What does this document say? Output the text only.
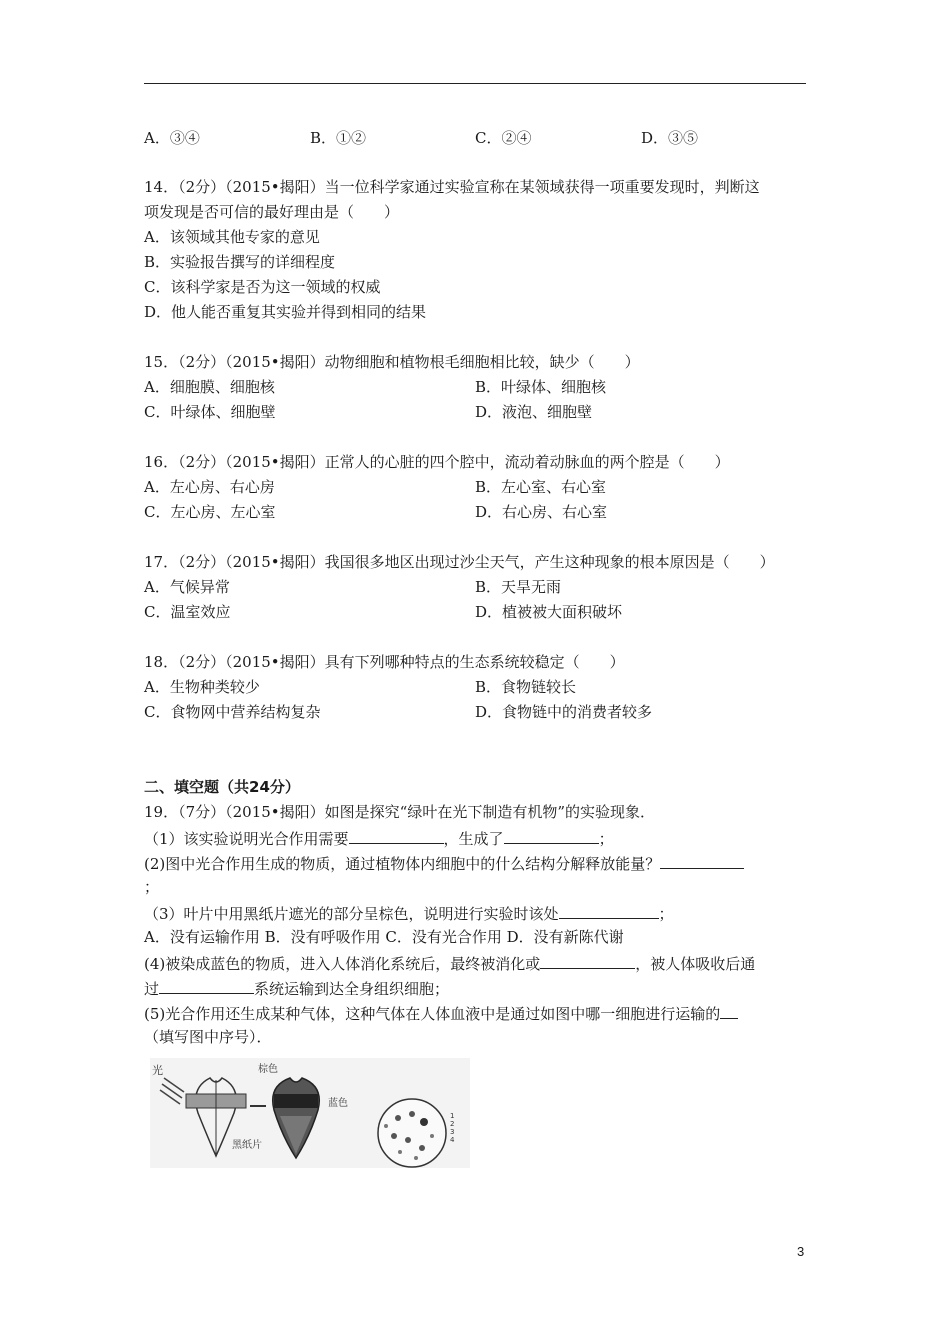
A．③④	B．①②	C．②④	D．③⑤
14．（2分）（2015•揭阳）当一位科学家通过实验宣称在某领域获得一项重要发现时，判断这
项发现是否可信的最好理由是（　　）
A．该领域其他专家的意见
B．实验报告撰写的详细程度
C．该科学家是否为这一领域的权威
D．他人能否重复其实验并得到相同的结果
15．（2分）（2015•揭阳）动物细胞和植物根毛细胞相比较，缺少（　　）
A．细胞膜、细胞核	B．叶绿体、细胞核
C．叶绿体、细胞壁	D．液泡、细胞壁
16．（2分）（2015•揭阳）正常人的心脏的四个腔中，流动着动脉血的两个腔是（　　）
A．左心房、右心房	B．左心室、右心室
C．左心房、左心室	D．右心房、右心室
17．（2分）（2015•揭阳）我国很多地区出现过沙尘天气，产生这种现象的根本原因是（　　）
A．气候异常	B．天旱无雨
C．温室效应	D．植被被大面积破坏
18．（2分）（2015•揭阳）具有下列哪种特点的生态系统较稳定（　　）
A．生物种类较少	B．食物链较长
C．食物网中营养结构复杂	D．食物链中的消费者较多
二、填空题（共24分）
19．（7分）（2015•揭阳）如图是探究“绿叶在光下制造有机物”的实验现象．
（1）该实验说明光合作用需要	，生成了	；
(2)图中光合作用生成的物质，通过植物体内细胞中的什么结构分解释放能量？
；
（3）叶片中用黑纸片遮光的部分呈棕色，说明进行实验时该处	；
A．没有运输作用 B．没有呼吸作用 C．没有光合作用 D．没有新陈代谢
(4)被染成蓝色的物质，进入人体消化系统后，最终被消化或	，被人体吸收后通
过	系统运输到达全身组织细胞；
(5)光合作用还生成某种气体，这种气体在人体血液中是通过如图中哪一细胞进行运输的
（填写图中序号）．
光
黑纸片
棕色
蓝色
1
2
3
4
3
